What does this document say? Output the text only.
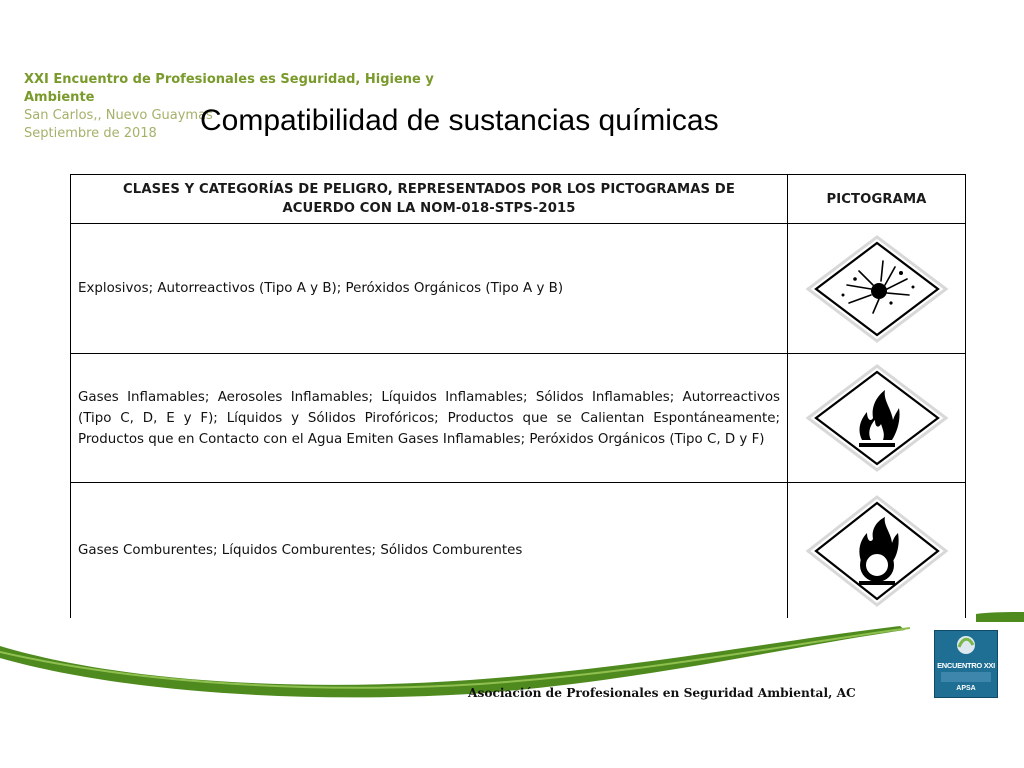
XXI Encuentro de Profesionales es Seguridad, Higiene y
Ambiente
San Carlos,, Nuevo Guaymas
Septiembre de 2018	Compatibilidad de sustancias químicas
CLASES Y CATEGORÍAS DE PELIGRO, REPRESENTADOS POR LOS PICTOGRAMAS DE ACUERDO CON LA NOM-018-STPS-2015	PICTOGRAMA
Explosivos; Autorreactivos (Tipo A y B); Peróxidos Orgánicos (Tipo A y B)	

Gases Inflamables; Aerosoles Inflamables; Líquidos Inflamables; Sólidos Inflamables; Autorreactivos (Tipo C, D, E y F); Líquidos y Sólidos Pirofóricos; Productos que se Calientan Espontáneamente; Productos que en Contacto con el Agua Emiten Gases Inflamables; Peróxidos Orgánicos (Tipo C, D y F)	

Gases Comburentes; Líquidos Comburentes; Sólidos Comburentes	
Asociación de Profesionales en Seguridad Ambiental, AC
ENCUENTRO XXI
APSA
